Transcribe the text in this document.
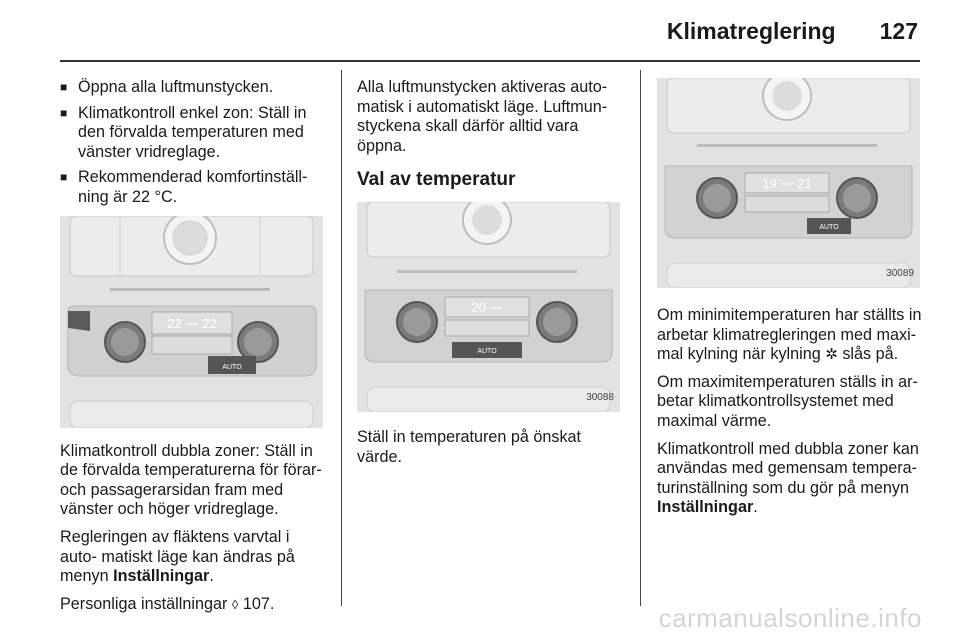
Klimatreglering 127
■ Öppna alla luftmunstycken.
■ Klimatkontroll enkel zon: Ställ in den förvalda temperaturen med vänster vridreglage.
■ Rekommenderad komfortinställ- ning är 22 °C.
22 ⁓ 22
AUTO

Klimatkontroll dubbla zoner: Ställ in de förvalda temperaturerna för förar- och passagerarsidan fram med vänster och höger vridreglage.

Regleringen av fläktens varvtal i auto- matiskt läge kan ändras på menyn Inställningar.

Personliga inställningar ◊ 107.

Alla luftmunstycken aktiveras auto- matisk i automatiskt läge. Luftmun- styckena skall därför alltid vara öppna.

Val av temperatur
20 ⁓
AUTO
30088

Ställ in temperaturen på önskat värde.

19 ⁓ 21
AUTO
30089

Om minimitemperaturen har ställts in arbetar klimatregleringen med maxi- mal kylning när kylning ✲ slås på.

Om maximitemperaturen ställs in ar- betar klimatkontrollsystemet med maximal värme.

Klimatkontroll med dubbla zoner kan användas med gemensam tempera- turinställning som du gör på menyn Inställningar.

carmanualsonline.info
